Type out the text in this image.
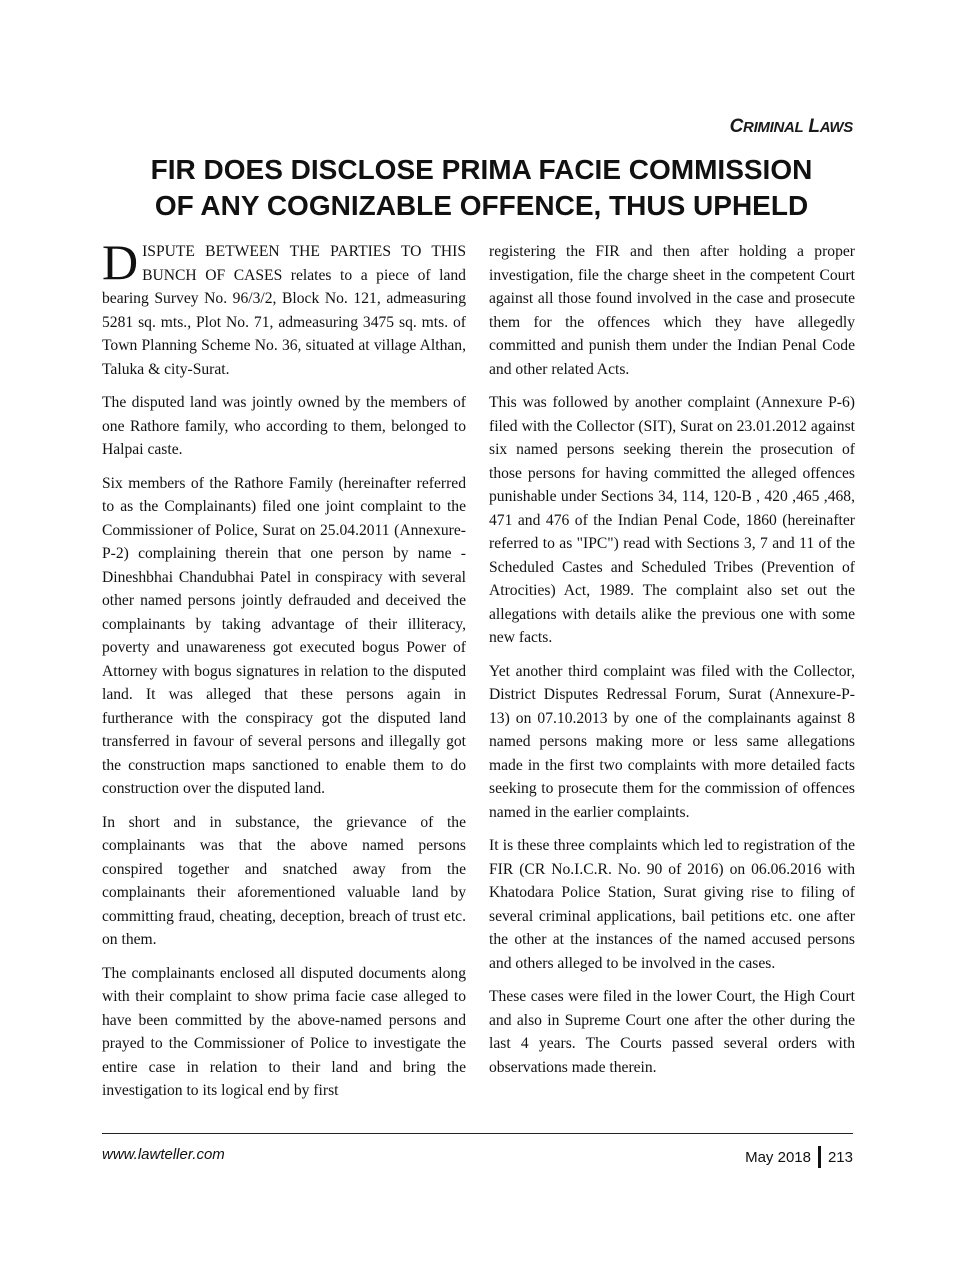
CRIMINAL LAWS
FIR DOES DISCLOSE PRIMA FACIE COMMISSION
OF ANY COGNIZABLE OFFENCE, THUS UPHELD

DISPUTE BETWEEN THE PARTIES TO THIS BUNCH OF CASES relates to a piece of land bearing Survey No. 96/3/2, Block No. 121, admeasuring 5281 sq. mts., Plot No. 71, admeasuring 3475 sq. mts. of Town Planning Scheme No. 36, situated at village Althan, Taluka & city-Surat.

The disputed land was jointly owned by the members of one Rathore family, who according to them, belonged to Halpai caste.

Six members of the Rathore Family (hereinafter referred to as the Complainants) filed one joint complaint to the Commissioner of Police, Surat on 25.04.2011 (Annexure-P-2) complaining therein that one person by name - Dineshbhai Chandubhai Patel in conspiracy with several other named persons jointly defrauded and deceived the complainants by taking advantage of their illiteracy, poverty and unawareness got executed bogus Power of Attorney with bogus signatures in relation to the disputed land. It was alleged that these persons again in furtherance with the conspiracy got the disputed land transferred in favour of several persons and illegally got the construction maps sanctioned to enable them to do construction over the disputed land.

In short and in substance, the grievance of the complainants was that the above named persons conspired together and snatched away from the complainants their aforementioned valuable land by committing fraud, cheating, deception, breach of trust etc. on them.

The complainants enclosed all disputed documents along with their complaint to show prima facie case alleged to have been committed by the above-named persons and prayed to the Commissioner of Police to investigate the entire case in relation to their land and bring the investigation to its logical end by first

registering the FIR and then after holding a proper investigation, file the charge sheet in the competent Court against all those found involved in the case and prosecute them for the offences which they have allegedly committed and punish them under the Indian Penal Code and other related Acts.

This was followed by another complaint (Annexure P-6) filed with the Collector (SIT), Surat on 23.01.2012 against six named persons seeking therein the prosecution of those persons for having committed the alleged offences punishable under Sections 34, 114, 120-B , 420 ,465 ,468, 471 and 476 of the Indian Penal Code, 1860 (hereinafter referred to as "IPC") read with Sections 3, 7 and 11 of the Scheduled Castes and Scheduled Tribes (Prevention of Atrocities) Act, 1989. The complaint also set out the allegations with details alike the previous one with some new facts.

Yet another third complaint was filed with the Collector, District Disputes Redressal Forum, Surat (Annexure-P-13) on 07.10.2013 by one of the complainants against 8 named persons making more or less same allegations made in the first two complaints with more detailed facts seeking to prosecute them for the commission of offences named in the earlier complaints.

It is these three complaints which led to registration of the FIR (CR No.I.C.R. No. 90 of 2016) on 06.06.2016 with Khatodara Police Station, Surat giving rise to filing of several criminal applications, bail petitions etc. one after the other at the instances of the named accused persons and others alleged to be involved in the cases.

These cases were filed in the lower Court, the High Court and also in Supreme Court one after the other during the last 4 years. The Courts passed several orders with observations made therein.

www.lawteller.com	May 2018 213
